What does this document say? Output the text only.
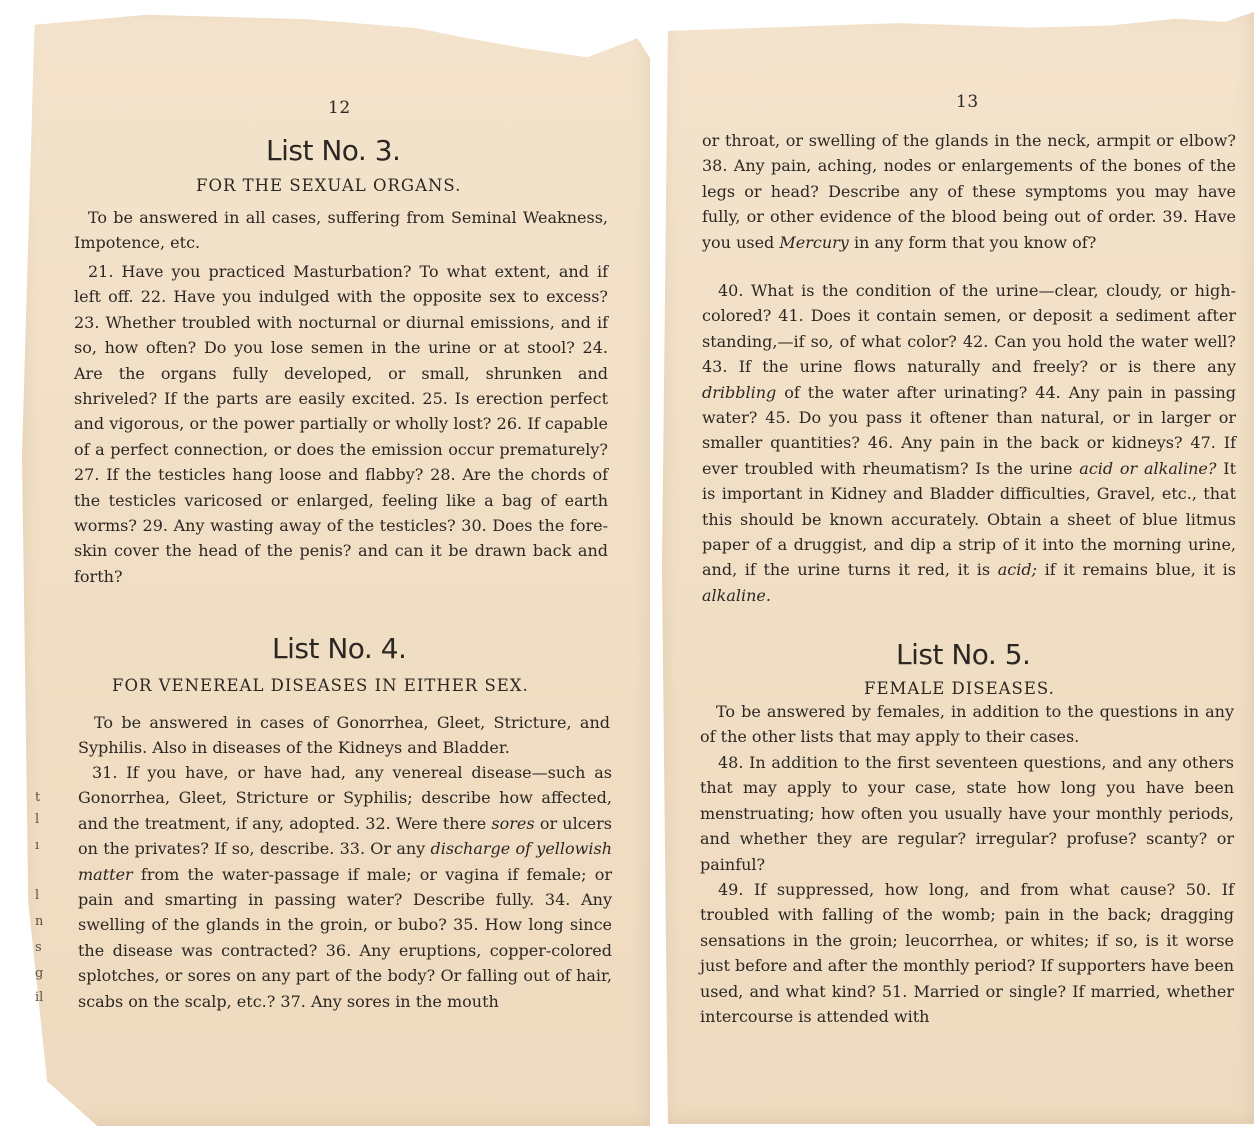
12
List No. 3.
FOR THE SEXUAL ORGANS.

To be answered in all cases, suffering from Seminal Weakness, Impotence, etc.

21. Have you practiced Masturbation? To what extent, and if left off. 22. Have you indulged with the opposite sex to excess? 23. Whether troubled with nocturnal or diurnal emissions, and if so, how often? Do you lose semen in the urine or at stool? 24. Are the organs fully developed, or small, shrunken and shriveled? If the parts are easily excited. 25. Is erection perfect and vigorous, or the power partially or wholly lost? 26. If capable of a perfect connection, or does the emission occur prematurely? 27. If the testicles hang loose and flabby? 28. Are the chords of the testicles varicosed or enlarged, feeling like a bag of earth worms? 29. Any wasting away of the testicles? 30. Does the fore-skin cover the head of the penis? and can it be drawn back and forth?

List No. 4.
FOR VENEREAL DISEASES IN EITHER SEX.

To be answered in cases of Gonorrhea, Gleet, Stricture, and Syphilis. Also in diseases of the Kidneys and Bladder.

31. If you have, or have had, any venereal disease—such as Gonorrhea, Gleet, Stricture or Syphilis; describe how affected, and the treatment, if any, adopted. 32. Were there sores or ulcers on the privates? If so, describe. 33. Or any discharge of yellowish matter from the water-passage if male; or vagina if female; or pain and smarting in passing water? Describe fully. 34. Any swelling of the glands in the groin, or bubo? 35. How long since the disease was contracted? 36. Any eruptions, copper-colored splotches, or sores on any part of the body? Or falling out of hair, scabs on the scalp, etc.? 37. Any sores in the mouth

t
l
ı
l
n
s
g
il
13

or throat, or swelling of the glands in the neck, armpit or elbow? 38. Any pain, aching, nodes or enlargements of the bones of the legs or head? Describe any of these symptoms you may have fully, or other evidence of the blood being out of order. 39. Have you used Mercury in any form that you know of?

40. What is the condition of the urine—clear, cloudy, or high-colored? 41. Does it contain semen, or deposit a sediment after standing,—if so, of what color? 42. Can you hold the water well? 43. If the urine flows naturally and freely? or is there any dribbling of the water after urinating? 44. Any pain in passing water? 45. Do you pass it oftener than natural, or in larger or smaller quantities? 46. Any pain in the back or kidneys? 47. If ever troubled with rheumatism? Is the urine acid or alkaline? It is important in Kidney and Bladder difficulties, Gravel, etc., that this should be known accurately. Obtain a sheet of blue litmus paper of a druggist, and dip a strip of it into the morning urine, and, if the urine turns it red, it is acid; if it remains blue, it is alkaline.

List No. 5.
FEMALE DISEASES.

To be answered by females, in addition to the questions in any of the other lists that may apply to their cases.

48. In addition to the first seventeen questions, and any others that may apply to your case, state how long you have been menstruating; how often you usually have your monthly periods, and whether they are regular? irregular? profuse? scanty? or painful?

49. If suppressed, how long, and from what cause? 50. If troubled with falling of the womb; pain in the back; dragging sensations in the groin; leucorrhea, or whites; if so, is it worse just before and after the monthly period? If supporters have been used, and what kind? 51. Married or single? If married, whether intercourse is attended with
